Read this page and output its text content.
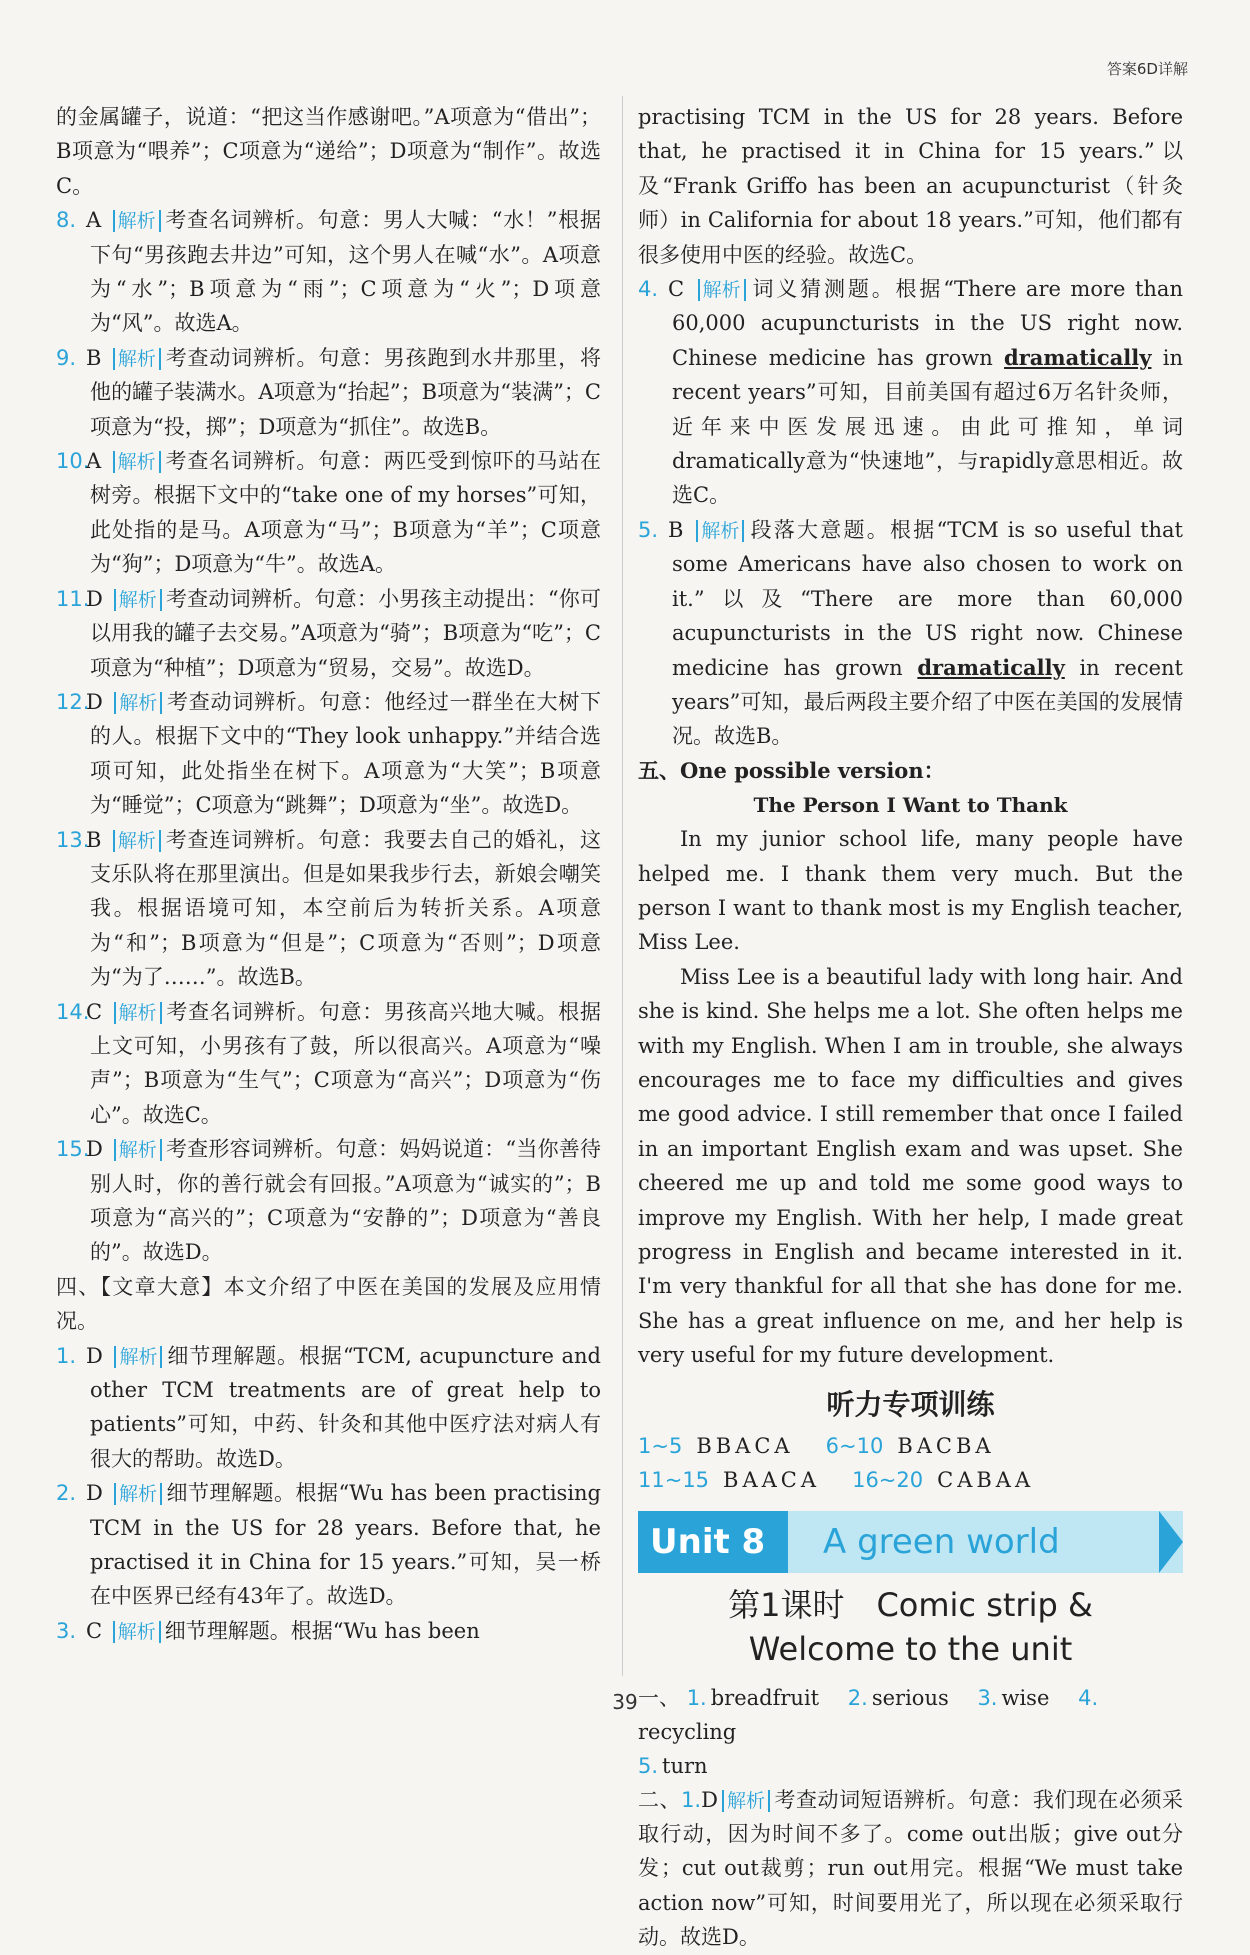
答案6D详解

的金属罐子，说道：“把这当作感谢吧。”A项意为“借出”；B项意为“喂养”；C项意为“递给”；D项意为“制作”。故选C。

8. A 解析 考查名词辨析。句意：男人大喊：“水！”根据下句“男孩跑去井边”可知，这个男人在喊“水”。A项意为“水”；B项意为“雨”；C项意为“火”；D项意为“风”。故选A。

9. B 解析 考查动词辨析。句意：男孩跑到水井那里，将他的罐子装满水。A项意为“抬起”；B项意为“装满”；C项意为“投，掷”；D项意为“抓住”。故选B。

10.A 解析 考查名词辨析。句意：两匹受到惊吓的马站在树旁。根据下文中的“take one of my horses”可知，此处指的是马。A项意为“马”；B项意为“羊”；C项意为“狗”；D项意为“牛”。故选A。

11.D 解析 考查动词辨析。句意：小男孩主动提出：“你可以用我的罐子去交易。”A项意为“骑”；B项意为“吃”；C项意为“种植”；D项意为“贸易，交易”。故选D。

12.D 解析 考查动词辨析。句意：他经过一群坐在大树下的人。根据下文中的“They look unhappy.”并结合选项可知，此处指坐在树下。A项意为“大笑”；B项意为“睡觉”；C项意为“跳舞”；D项意为“坐”。故选D。

13.B 解析 考查连词辨析。句意：我要去自己的婚礼，这支乐队将在那里演出。但是如果我步行去，新娘会嘲笑我。根据语境可知，本空前后为转折关系。A项意为“和”；B项意为“但是”；C项意为“否则”；D项意为“为了……”。故选B。

14.C 解析 考查名词辨析。句意：男孩高兴地大喊。根据上文可知，小男孩有了鼓，所以很高兴。A项意为“噪声”；B项意为“生气”；C项意为“高兴”；D项意为“伤心”。故选C。

15.D 解析 考查形容词辨析。句意：妈妈说道：“当你善待别人时，你的善行就会有回报。”A项意为“诚实的”；B项意为“高兴的”；C项意为“安静的”；D项意为“善良的”。故选D。

四、【文章大意】本文介绍了中医在美国的发展及应用情况。

1. D 解析 细节理解题。根据“TCM, acupuncture and other TCM treatments are of great help to patients”可知，中药、针灸和其他中医疗法对病人有很大的帮助。故选D。

2. D 解析 细节理解题。根据“Wu has been practising TCM in the US for 28 years. Before that, he practised it in China for 15 years.”可知，吴一桥在中医界已经有43年了。故选D。

3. C 解析 细节理解题。根据“Wu has been

practising TCM in the US for 28 years. Before that, he practised it in China for 15 years.”以及“Frank Griffo has been an acupuncturist（针灸师）in California for about 18 years.”可知，他们都有很多使用中医的经验。故选C。

4. C 解析 词义猜测题。根据“There are more than 60,000 acupuncturists in the US right now. Chinese medicine has grown dramatically in recent years”可知，目前美国有超过6万名针灸师，近年来中医发展迅速。由此可推知，单词dramatically意为“快速地”，与rapidly意思相近。故选C。

5. B 解析 段落大意题。根据“TCM is so useful that some Americans have also chosen to work on it.”以及“There are more than 60,000 acupuncturists in the US right now. Chinese medicine has grown dramatically in recent years”可知，最后两段主要介绍了中医在美国的发展情况。故选B。

五、One possible version：
The Person I Want to Thank

In my junior school life, many people have helped me. I thank them very much. But the person I want to thank most is my English teacher, Miss Lee.

Miss Lee is a beautiful lady with long hair. And she is kind. She helps me a lot. She often helps me with my English. When I am in trouble, she always encourages me to face my difficulties and gives me good advice. I still remember that once I failed in an important English exam and was upset. She cheered me up and told me some good ways to improve my English. With her help, I made great progress in English and became interested in it. I'm very thankful for all that she has done for me. She has a great influence on me, and her help is very useful for my future development.

听力专项训练
1~5 BBACA 6~10 BACBA
11~15 BAACA 16~20 CABAA
Unit 8	A green world
第1课时　Comic strip &
Welcome to the unit
一、 1. breadfruit 2. serious 3. wise 4.recycling
5. turn
二、1.D 解析 考查动词短语辨析。句意：我们现在必须采取行动，因为时间不多了。come out出版；give out分发；cut out裁剪；run out用完。根据“We must take action now”可知，时间要用光了，所以现在必须采取行动。故选D。
39
